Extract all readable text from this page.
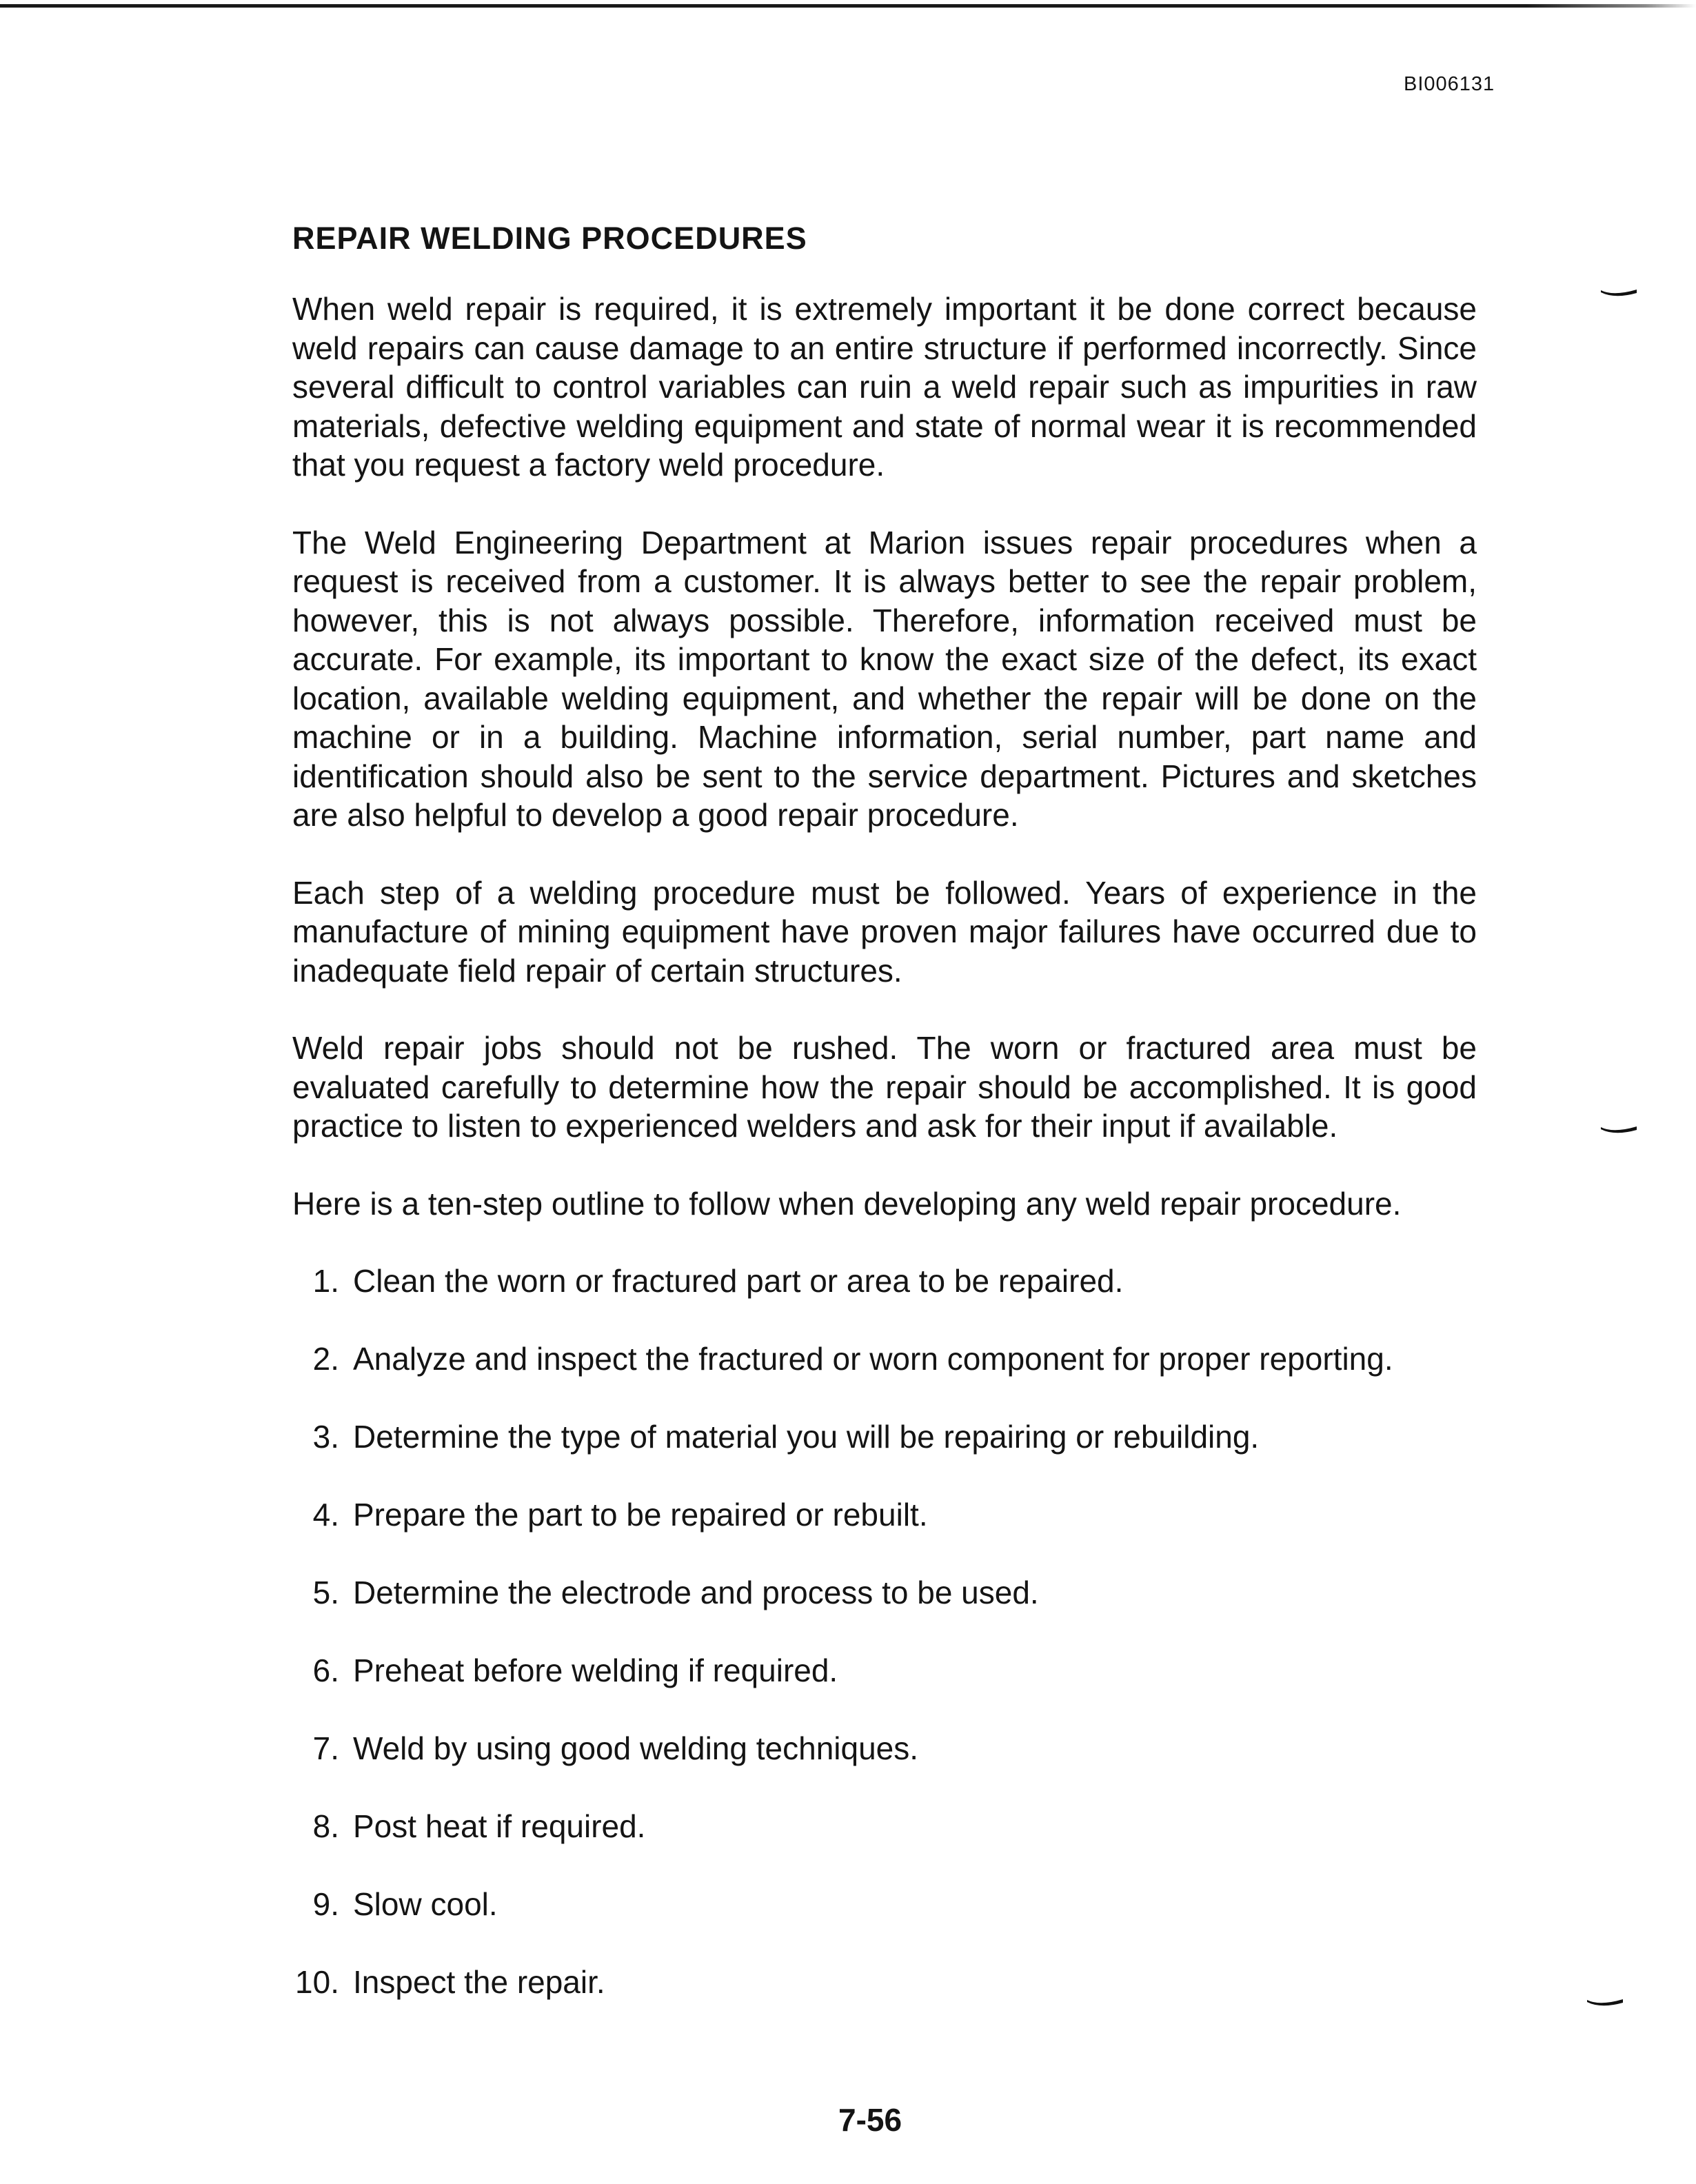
BI006131
REPAIR WELDING PROCEDURES

When weld repair is required, it is extremely important it be done correct because weld repairs can cause damage to an entire structure if performed incorrectly. Since several difficult to control variables can ruin a weld repair such as impurities in raw materials, defective welding equipment and state of normal wear it is recommended that you request a factory weld procedure.

The Weld Engineering Department at Marion issues repair procedures when a request is received from a customer. It is always better to see the repair problem, however, this is not always possible. Therefore, information received must be accurate. For example, its important to know the exact size of the defect, its exact location, available welding equipment, and whether the repair will be done on the machine or in a building. Machine information, serial number, part name and identification should also be sent to the service department. Pictures and sketches are also helpful to develop a good repair procedure.

Each step of a welding procedure must be followed. Years of experience in the manufacture of mining equipment have proven major failures have occurred due to inadequate field repair of certain structures.

Weld repair jobs should not be rushed. The worn or fractured area must be evaluated carefully to determine how the repair should be accomplished. It is good practice to listen to experienced welders and ask for their input if available.

Here is a ten-step outline to follow when developing any weld repair procedure.

1. Clean the worn or fractured part or area to be repaired.
2. Analyze and inspect the fractured or worn component for proper reporting.
3. Determine the type of material you will be repairing or rebuilding.
4. Prepare the part to be repaired or rebuilt.
5. Determine the electrode and process to be used.
6. Preheat before welding if required.
7. Weld by using good welding techniques.
8. Post heat if required.
9. Slow cool.
10. Inspect the repair.
7-56
